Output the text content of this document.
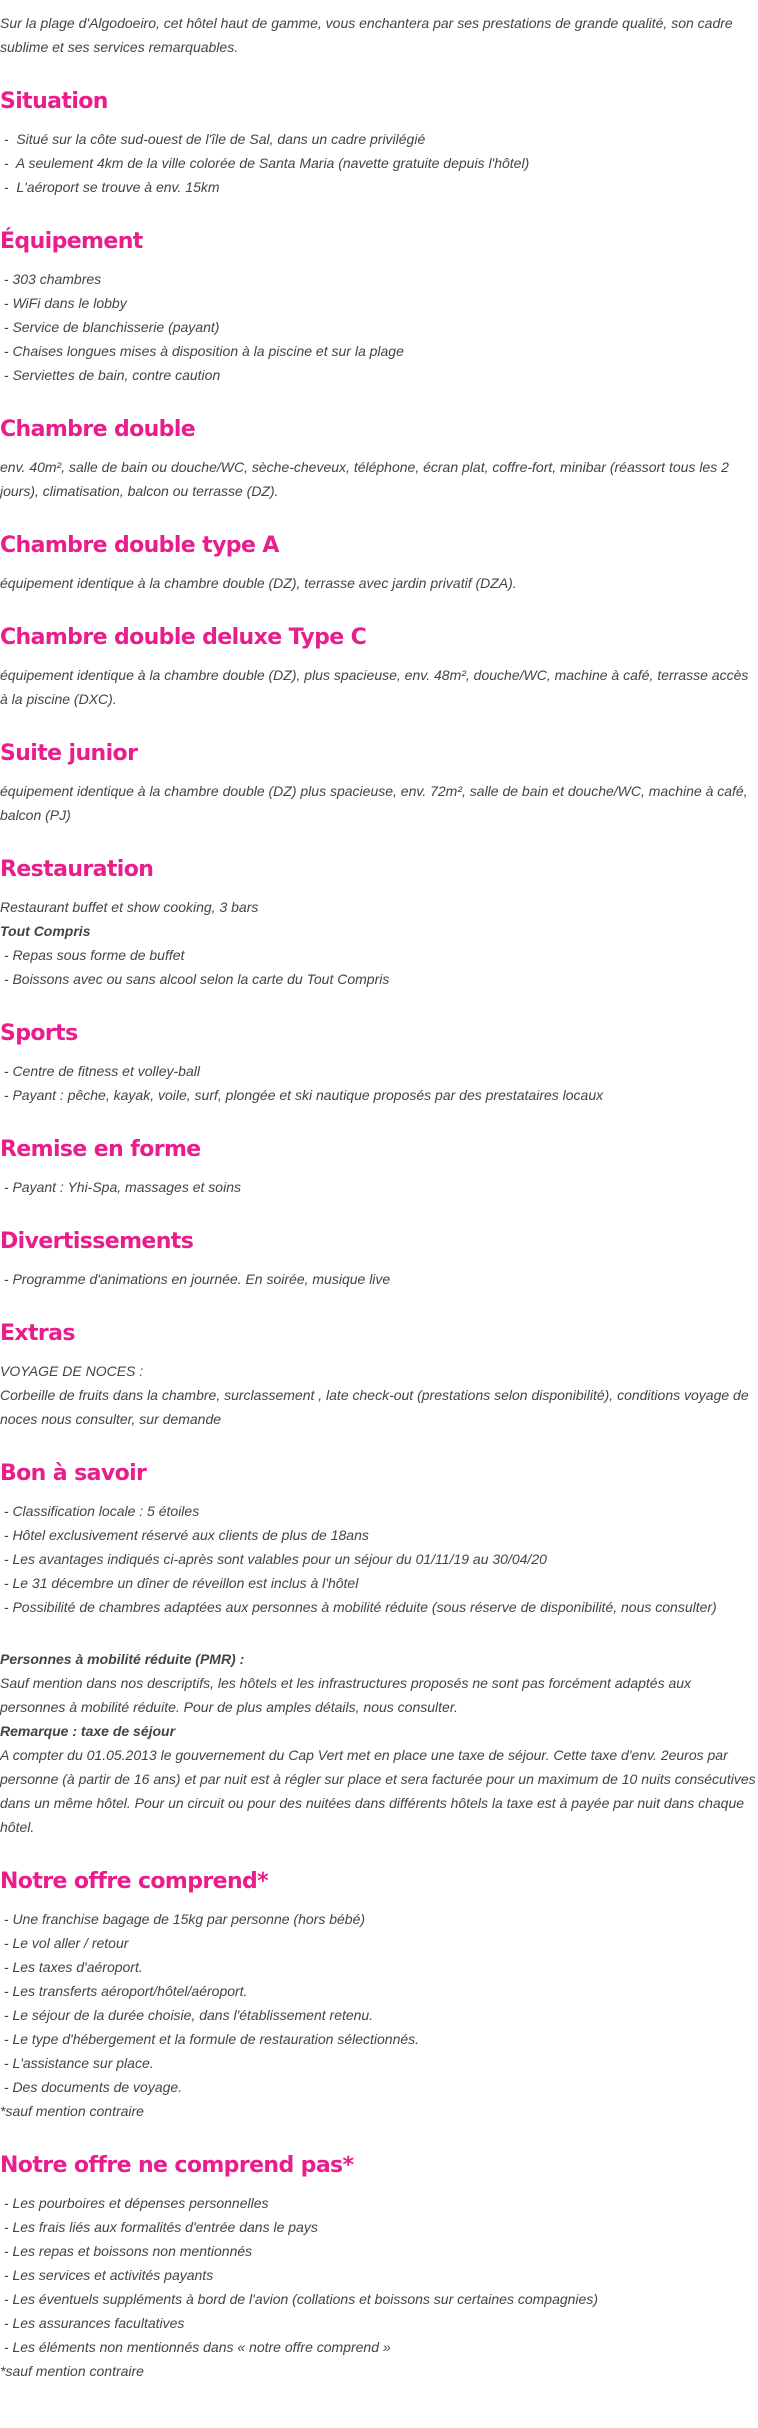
Sur la plage d'Algodoeiro, cet hôtel haut de gamme, vous enchantera par ses prestations de grande qualité, son cadre sublime et ses services remarquables.

Situation

-  Situé sur la côte sud-ouest de l'île de Sal, dans un cadre privilégié

-  A seulement 4km de la ville colorée de Santa Maria (navette gratuite depuis l'hôtel)

-  L'aéroport se trouve à env. 15km

Équipement

- 303 chambres

- WiFi dans le lobby

- Service de blanchisserie (payant)

- Chaises longues mises à disposition à la piscine et sur la plage

- Serviettes de bain, contre caution

Chambre double

env. 40m², salle de bain ou douche/WC, sèche-cheveux, téléphone, écran plat, coffre-fort, minibar (réassort tous les 2 jours), climatisation, balcon ou terrasse (DZ).

Chambre double type A

équipement identique à la chambre double (DZ), terrasse avec jardin privatif (DZA).

Chambre double deluxe Type C

équipement identique à la chambre double (DZ), plus spacieuse, env. 48m², douche/WC, machine à café, terrasse accès à la piscine (DXC).

Suite junior

équipement identique à la chambre double (DZ) plus spacieuse, env. 72m², salle de bain et douche/WC, machine à café, balcon (PJ)

Restauration

Restaurant buffet et show cooking, 3 bars

Tout Compris

- Repas sous forme de buffet

- Boissons avec ou sans alcool selon la carte du Tout Compris

Sports

- Centre de fitness et volley-ball

- Payant : pêche, kayak, voile, surf, plongée et ski nautique proposés par des prestataires locaux

Remise en forme

- Payant : Yhi-Spa, massages et soins

Divertissements

- Programme d'animations en journée. En soirée, musique live

Extras

VOYAGE DE NOCES :

Corbeille de fruits dans la chambre, surclassement , late check-out (prestations selon disponibilité), conditions voyage de noces nous consulter, sur demande

Bon à savoir

- Classification locale : 5 étoiles

- Hôtel exclusivement réservé aux clients de plus de 18ans

- Les avantages indiqués ci-après sont valables pour un séjour du 01/11/19 au 30/04/20

- Le 31 décembre un dîner de réveillon est inclus à l'hôtel

- Possibilité de chambres adaptées aux personnes à mobilité réduite (sous réserve de disponibilité, nous consulter)

Personnes à mobilité réduite (PMR) :

Sauf mention dans nos descriptifs, les hôtels et les infrastructures proposés ne sont pas forcément adaptés aux personnes à mobilité réduite. Pour de plus amples détails, nous consulter.

Remarque : taxe de séjour

A compter du 01.05.2013 le gouvernement du Cap Vert met en place une taxe de séjour. Cette taxe d'env. 2euros par personne (à partir de 16 ans) et par nuit est à régler sur place et sera facturée pour un maximum de 10 nuits consécutives dans un même hôtel. Pour un circuit ou pour des nuitées dans différents hôtels la taxe est à payée par nuit dans chaque hôtel.

Notre offre comprend*

- Une franchise bagage de 15kg par personne (hors bébé)

- Le vol aller / retour

- Les taxes d'aéroport.

- Les transferts aéroport/hôtel/aéroport.

- Le séjour de la durée choisie, dans l'établissement retenu.

- Le type d'hébergement et la formule de restauration sélectionnés.

- L'assistance sur place.

- Des documents de voyage.

*sauf mention contraire

Notre offre ne comprend pas*

- Les pourboires et dépenses personnelles

- Les frais liés aux formalités d'entrée dans le pays

- Les repas et boissons non mentionnés

- Les services et activités payants

- Les éventuels suppléments à bord de l'avion (collations et boissons sur certaines compagnies)

- Les assurances facultatives

- Les éléments non mentionnés dans « notre offre comprend »

*sauf mention contraire
